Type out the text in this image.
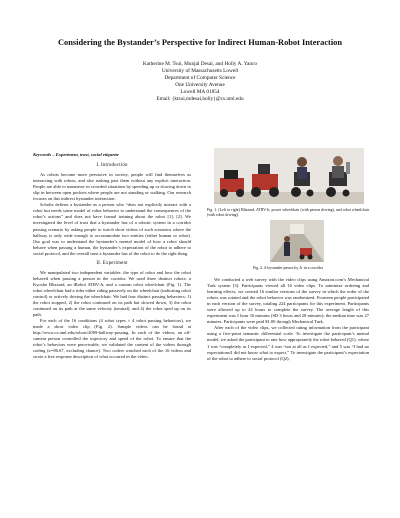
Considering the Bystander’s Perspective for Indirect Human-Robot Interaction
Katherine M. Tsui, Munjal Desai, and Holly A. Yanco
University of Massachusetts Lowell
Department of Computer Science
One University Avenue
Lowell MA 01854
Email: {ktsui,mdesai,holly}@cs.uml.edu

Keywords – Experiment, trust, social etiquette

I. Introduction

As robots become more pervasive in society, people will find themselves as interacting with robots, and also rushing past them without any explicit interaction. People are able to maneuver in crowded situations by speeding up or slowing down to slip in between open pockets where people are not standing or walking. Our research focuses on this indirect bystander interaction.

Scholtz defines a bystander as a person who “does not explicitly interact with a robot but needs some model of robot behavior to understand the consequences of the robot’s actions” and does not have formal training about the robot [1], [2]. We investigated the level of trust that a bystander has of a robotic system in a corridor passing scenario by asking people to watch short videos of such scenarios where the hallway is only wide enough to accommodate two entities (either human or robot). Our goal was to understand the bystander’s mental model of how a robot should behave when passing a human, the bystander’s expectation of the robot to adhere to social protocol, and the overall trust a bystander has of the robot to do the right thing.

II. Experiment

We manipulated two independent variables: the type of robot and how the robot behaved when passing a person in the corridor. We used three distinct robots: a Kyosho Blizzard, an iRobot ATRV-Jr, and a custom robot wheelchair (Fig. 1). The robot wheelchair had a rider either riding passively on the wheelchair (indicating robot control) or actively driving the wheelchair. We had four distinct passing behaviors: 1) the robot stopped, 2) the robot continued on its path but slowed down, 3) the robot continued on its path at the same velocity (neutral), and 4) the robot sped up on its path.

For each of the 16 conditions (4 robot types × 4 robot passing behaviors), we made a short video clip (Fig. 2). Sample videos can be found at http://www.cs.uml.edu/robots/2009-hallway-passing. In each of the videos, an off-camera person controlled the trajectory and speed of the robot. To ensure that the robot’s behaviors were perceivable, we validated the content of the videos through coding (κ=86.67, excluding chance). Two coders watched each of the 16 videos and wrote a free response description of what occurred in the video.

Fig. 1. (Left to right) Blizzard, ATRV-Jr, power wheelchair (with person driving), and robot wheelchair (with robot driving).
Fig. 2. A bystander passes by Jr. in a corridor

We conducted a web survey with the video clips using Amazon.com’s Mechanical Turk system [3]. Participants viewed all 16 video clips. To minimize ordering and learning effects, we created 16 similar versions of the survey in which the order of the robots was rotated and the robot behavior was randomized. Fourteen people participated in each version of the survey, totaling 224 participants for this experiment. Participants were allowed up to 24 hours to complete the survey. The average length of this experiment was 1 hour 16 minutes (SD 3 hours and 28 minutes); the median time was 27 minutes. Participants were paid $1.00 through Mechanical Turk.

After each of the video clips, we collected rating information from the participant using a five-point semantic differential scale. To investigate the participant’s mental model, we asked the participant to rate how appropriately the robot behaved (Q1), where 1 was “completely as I expected,” 4 was “not at all as I expected,” and 5 was “I had no expectations/I did not know what to expect.” To investigate the participant’s expectation of the robot to adhere to social protocol (Q2),
